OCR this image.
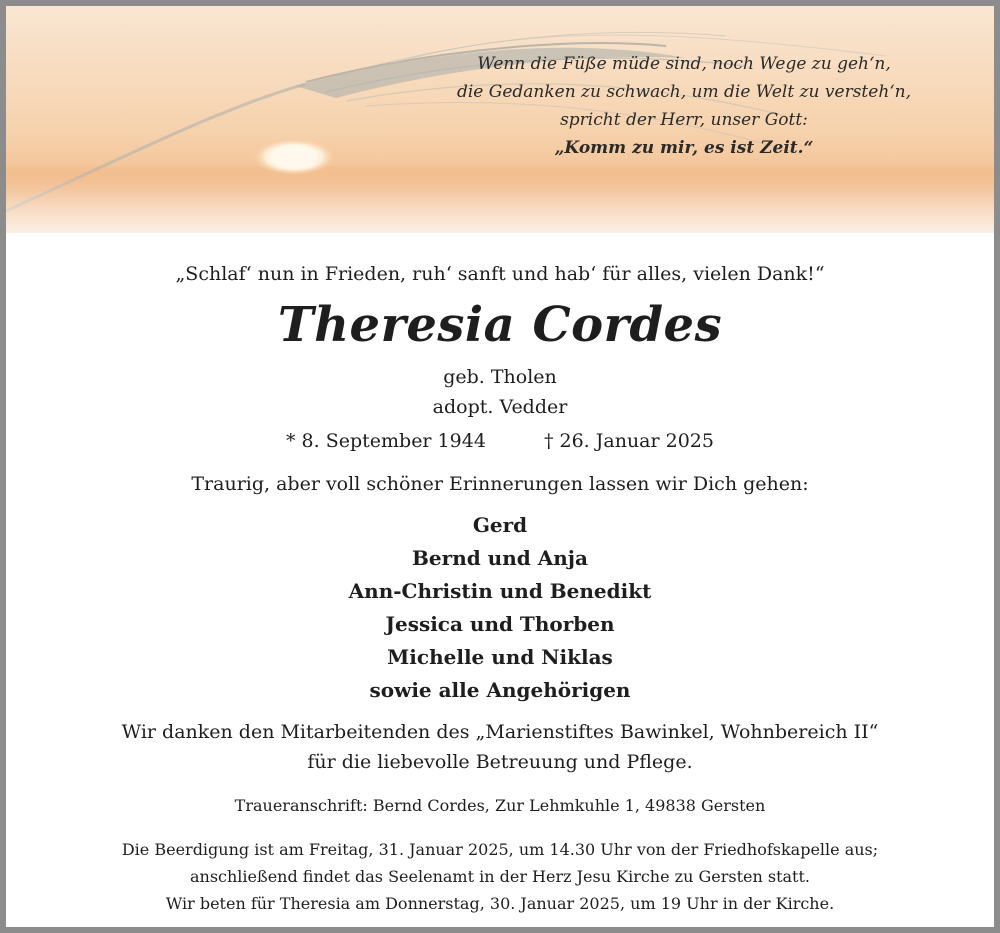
Wenn die Füße müde sind, noch Wege zu geh‘n,
die Gedanken zu schwach, um die Welt zu versteh‘n,
spricht der Herr, unser Gott:
„Komm zu mir, es ist Zeit.“
„Schlaf‘ nun in Frieden, ruh‘ sanft und hab‘ für alles, vielen Dank!“
Theresia Cordes
geb. Tholen
adopt. Vedder
* 8. September 1944	† 26. Januar 2025
Traurig, aber voll schöner Erinnerungen lassen wir Dich gehen:
Gerd
Bernd und Anja
Ann-Christin und Benedikt
Jessica und Thorben
Michelle und Niklas
sowie alle Angehörigen
Wir danken den Mitarbeitenden des „Marienstiftes Bawinkel, Wohnbereich II“
für die liebevolle Betreuung und Pflege.
Traueranschrift: Bernd Cordes, Zur Lehmkuhle 1, 49838 Gersten
Die Beerdigung ist am Freitag, 31. Januar 2025, um 14.30 Uhr von der Friedhofskapelle aus;
anschließend findet das Seelenamt in der Herz Jesu Kirche zu Gersten statt.
Wir beten für Theresia am Donnerstag, 30. Januar 2025, um 19 Uhr in der Kirche.
